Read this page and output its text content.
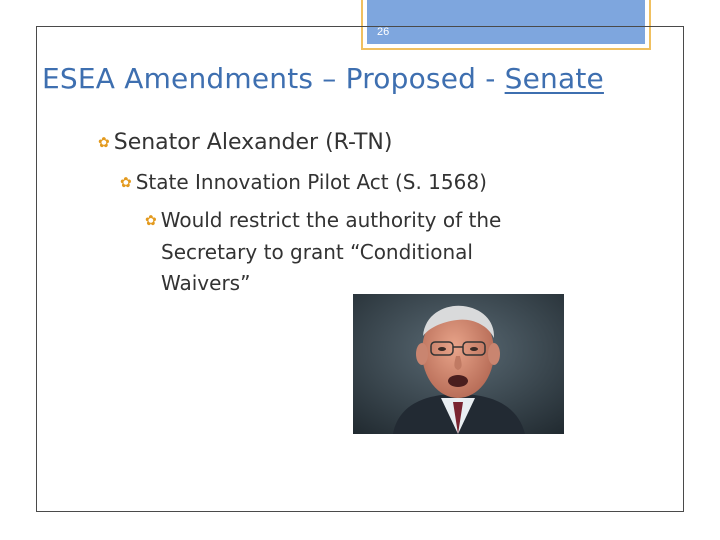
26
ESEA Amendments – Proposed - Senate
✿ Senator Alexander (R-TN)
✿ State Innovation Pilot Act (S. 1568)
✿ Would restrict the authority of the
Secretary to grant “Conditional
Waivers”
